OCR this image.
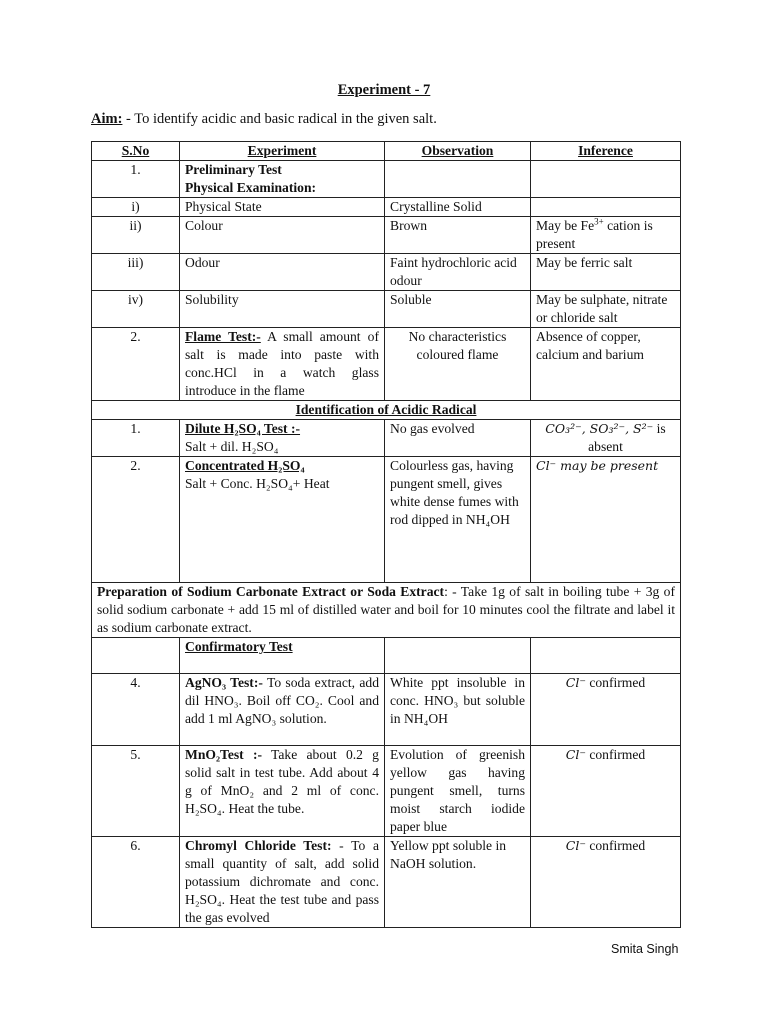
Experiment - 7
Aim: - To identify acidic and basic radical in the given salt.
S.No	Experiment	Observation	Inference
1.	Preliminary Test
Physical Examination:		

i)	Physical State	Crystalline Solid	
ii)	Colour	Brown	May be $Fe^{3+}$ cation is present
iii)	Odour	Faint hydrochloric acid odour	May be ferric salt
iv)	Solubility	Soluble	May be sulphate, nitrate or chloride salt
2.	Flame Test:- A small amount of salt is made into paste with conc.HCl in a watch glass introduce in the flame	No characteristics coloured flame	Absence of copper, calcium and barium
Identification of Acidic Radical			
1.	Dilute H₂SO₄ Test :-
Salt + dil. H₂SO₄	No gas evolved	CO₃²⁻, SO₃²⁻, S²⁻ is absent
2.	Concentrated H₂SO₄
Salt + Conc. H₂SO₄+ Heat	Colourless gas, having pungent smell, gives white dense fumes with rod dipped in NH₄OH	Cl⁻ may be present
Preparation of Sodium Carbonate Extract or Soda Extract: - Take 1g of salt in boiling tube + 3g of solid sodium carbonate + add 15 ml of distilled water and boil for 10 minutes cool the filtrate and label it as sodium carbonate extract.			
	Confirmatory Test		
4.	AgNO₃ Test:- To soda extract, add dil HNO₃. Boil off CO₂. Cool and add 1 ml AgNO₃ solution.	White ppt insoluble in conc. HNO₃ but soluble in NH₄OH	Cl⁻ confirmed
5.	MnO₂Test :- Take about 0.2 g solid salt in test tube. Add about 4 g of MnO₂ and 2 ml of conc. H₂SO₄. Heat the tube.	Evolution of greenish yellow gas having pungent smell, turns moist starch iodide paper blue	Cl⁻ confirmed
6.	Chromyl Chloride Test: - To a small quantity of salt, add solid potassium dichromate and conc. H₂SO₄. Heat the test tube and pass the gas evolved	Yellow ppt soluble in NaOH solution.	Cl⁻ confirmed
Smita Singh
